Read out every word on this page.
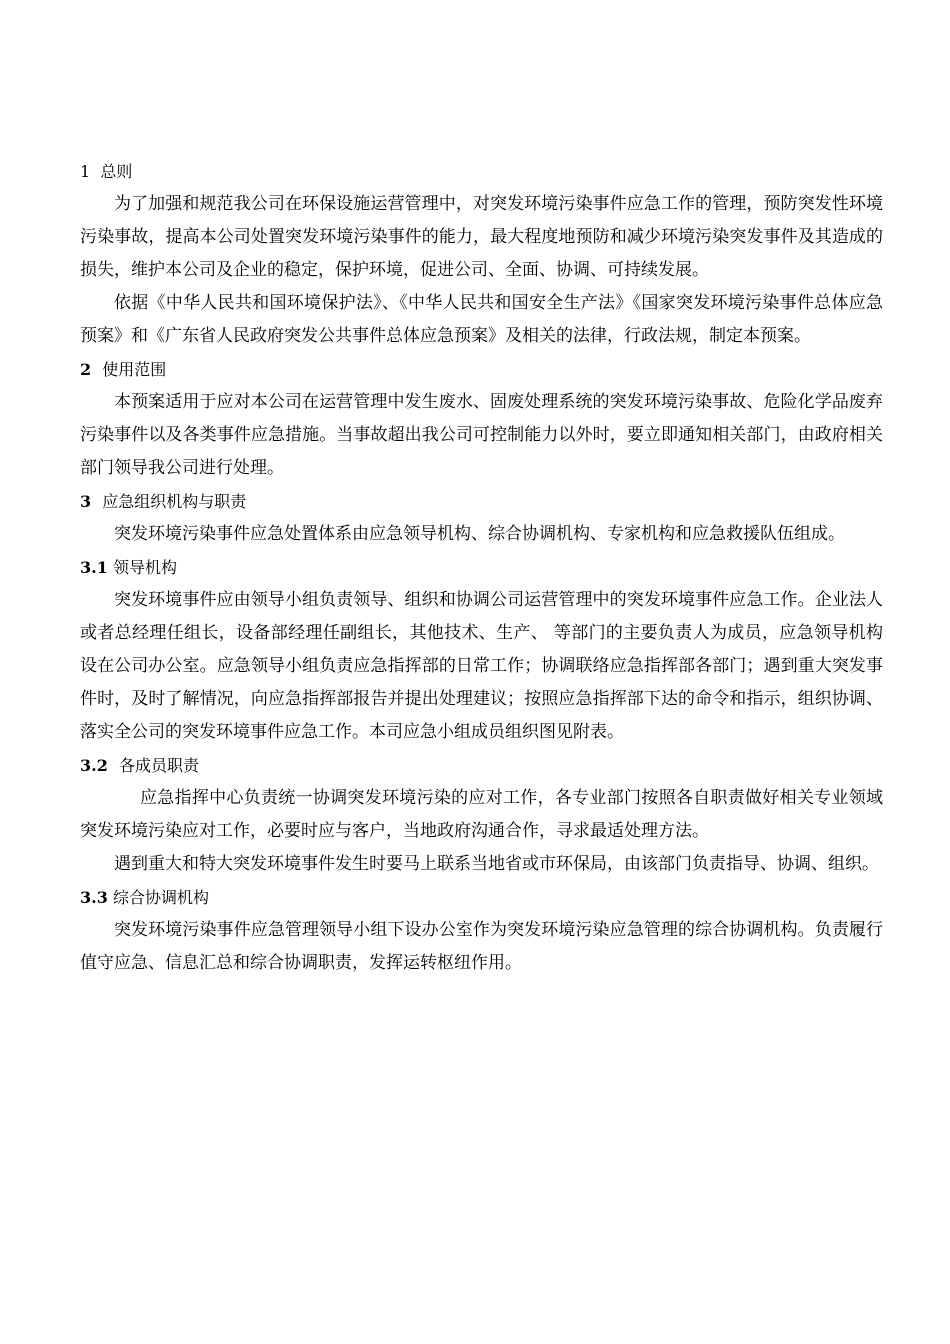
1 总则

为了加强和规范我公司在环保设施运营管理中，对突发环境污染事件应急工作的管理，预防突发性环境污染事故，提高本公司处置突发环境污染事件的能力，最大程度地预防和减少环境污染突发事件及其造成的损失，维护本公司及企业的稳定，保护环境，促进公司、全面、协调、可持续发展。

依据《中华人民共和国环境保护法》、《中华人民共和国安全生产法》《国家突发环境污染事件总体应急预案》和《广东省人民政府突发公共事件总体应急预案》及相关的法律，行政法规，制定本预案。

2 使用范围

本预案适用于应对本公司在运营管理中发生废水、固废处理系统的突发环境污染事故、危险化学品废弃污染事件以及各类事件应急措施。当事故超出我公司可控制能力以外时，要立即通知相关部门，由政府相关部门领导我公司进行处理。

3 应急组织机构与职责

突发环境污染事件应急处置体系由应急领导机构、综合协调机构、专家机构和应急救援队伍组成。

3.1 领导机构

突发环境事件应由领导小组负责领导、组织和协调公司运营管理中的突发环境事件应急工作。企业法人或者总经理任组长，设备部经理任副组长，其他技术、生产、 等部门的主要负责人为成员，应急领导机构设在公司办公室。应急领导小组负责应急指挥部的日常工作；协调联络应急指挥部各部门；遇到重大突发事件时，及时了解情况，向应急指挥部报告并提出处理建议；按照应急指挥部下达的命令和指示，组织协调、落实全公司的突发环境事件应急工作。本司应急小组成员组织图见附表。

3.2 各成员职责

应急指挥中心负责统一协调突发环境污染的应对工作，各专业部门按照各自职责做好相关专业领域突发环境污染应对工作，必要时应与客户，当地政府沟通合作，寻求最适处理方法。

遇到重大和特大突发环境事件发生时要马上联系当地省或市环保局，由该部门负责指导、协调、组织。

3.3 综合协调机构

突发环境污染事件应急管理领导小组下设办公室作为突发环境污染应急管理的综合协调机构。负责履行值守应急、信息汇总和综合协调职责，发挥运转枢纽作用。
